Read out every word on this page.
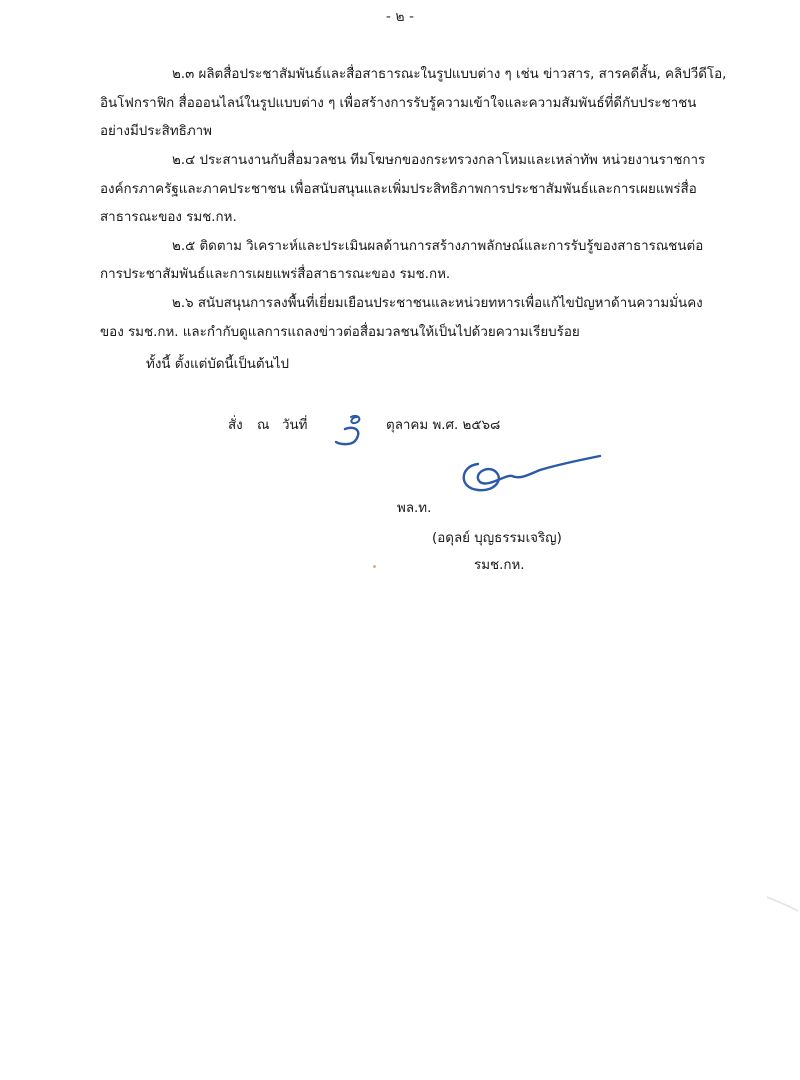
- ๒ -
๒.๓ ผลิตสื่อประชาสัมพันธ์และสื่อสาธารณะในรูปแบบต่าง ๆ เช่น ข่าวสาร, สารคดีสั้น, คลิปวีดีโอ,
อินโฟกราฟิก สื่อออนไลน์ในรูปแบบต่าง ๆ เพื่อสร้างการรับรู้ความเข้าใจและความสัมพันธ์ที่ดีกับประชาชน
อย่างมีประสิทธิภาพ
๒.๔ ประสานงานกับสื่อมวลชน ทีมโฆษกของกระทรวงกลาโหมและเหล่าทัพ หน่วยงานราชการ
องค์กรภาครัฐและภาคประชาชน เพื่อสนับสนุนและเพิ่มประสิทธิภาพการประชาสัมพันธ์และการเผยแพร่สื่อ
สาธารณะของ รมช.กห.
๒.๕ ติดตาม วิเคราะห์และประเมินผลด้านการสร้างภาพลักษณ์และการรับรู้ของสาธารณชนต่อ
การประชาสัมพันธ์และการเผยแพร่สื่อสาธารณะของ รมช.กห.
๒.๖ สนับสนุนการลงพื้นที่เยี่ยมเยือนประชาชนและหน่วยทหารเพื่อแก้ไขปัญหาด้านความมั่นคง
ของ รมช.กห. และกำกับดูแลการแถลงข่าวต่อสื่อมวลชนให้เป็นไปด้วยความเรียบร้อย
ทั้งนี้ ตั้งแต่บัดนี้เป็นต้นไป
สั่ง ณ วันที่	ตุลาคม พ.ศ. ๒๕๖๘
พล.ท.
(อดุลย์ บุญธรรมเจริญ)
รมช.กห.
